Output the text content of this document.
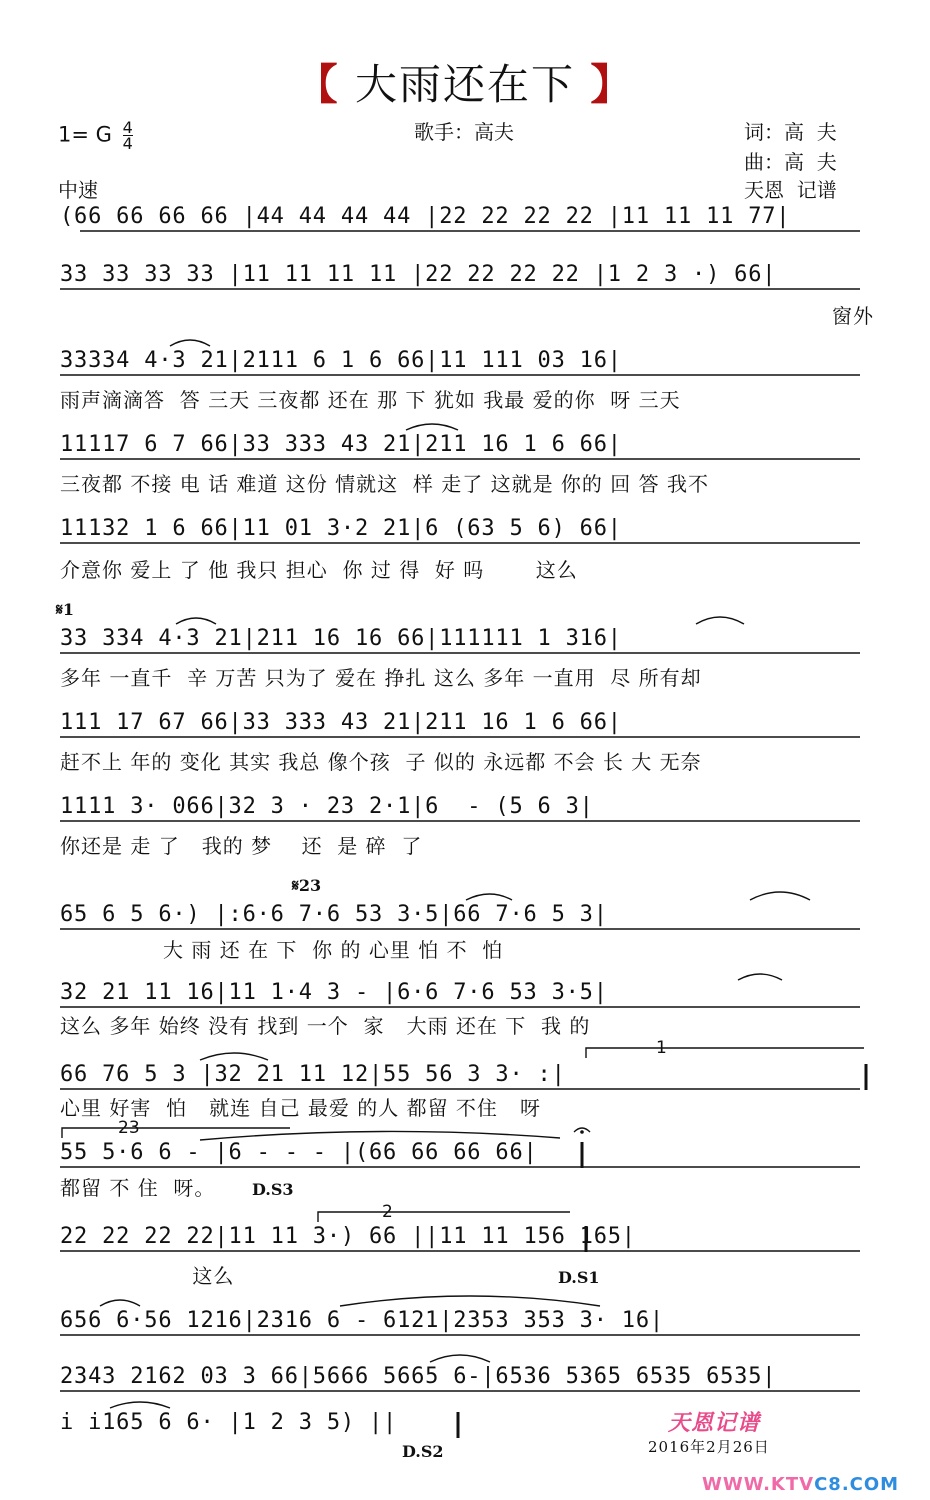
【 大雨还在下 】
1= G $\frac{4}{4}$
中速
歌手：高夫	词：高  夫
曲：高  夫
天恩  记谱
(66 66 66 66 |44 44 44 44 |22 22 22 22 |11 11 11 77|
33 33 33 33 |11 11 11 11 |22 22 22 22 |1 2 3 ·) 66|
窗外
33334 4·3 21|2111 6 1 6 66|11 111 03 16|
雨声滴滴答  答 三天 三夜都 还在 那 下 犹如 我最 爱的你  呀 三天
11117 6 7 66|33 333 43 21|211 16 1 6 66|
三夜都 不接 电 话 难道 这份 情就这  样 走了 这就是 你的 回 答 我不
11132 1 6 66|11 01 3·2 21|6 (63 5 6) 66|
介意你 爱上 了 他 我只 担心  你 过 得  好 吗       这么
𝄋1
33 334 4·3 21|211 16 16 66|111111 1 316|
多年 一直千  辛 万苦 只为了 爱在 挣扎 这么 多年 一直用  尽 所有却
111 17 67 66|33 333 43 21|211 16 1 6 66|
赶不上 年的 变化 其实 我总 像个孩  子 似的 永远都 不会 长 大 无奈
1111 3· 066|32 3 · 23 2·1|6  - (5 6 3|
你还是 走 了   我的 梦    还  是 碎  了
𝄋23
65 6 5 6·) |:6·6 7·6 53 3·5|66 7·6 5 3|
大 雨 还 在 下  你 的 心里 怕 不  怕
32 21 11 16|11 1·4 3 - |6·6 7·6 53 3·5|
这么 多年 始终 没有 找到 一个  家   大雨 还在 下  我 的
1
66 76 5 3 |32 21 11 12|55 56 3 3· :|
心里 好害  怕   就连 自己 最爱 的人 都留 不住   呀
23
55 5·6 6 - |6 - - - |(66 66 66 66|
都留 不 住  呀。	D.S3
2
22 22 22 22|11 11 3·) 66 ||11 11 156 165|
这么	D.S1
656 6·56 1216|2316 6 - 6121|2353 353 3· 16|
2343 2162 03 3 66|5666 5665 6-|6536 5365 6535 6535|
i i165 6 6· |1 2 3 5) ||
D.S2
天恩记谱
2016年2月26日
WWW.KTVC8.COM
